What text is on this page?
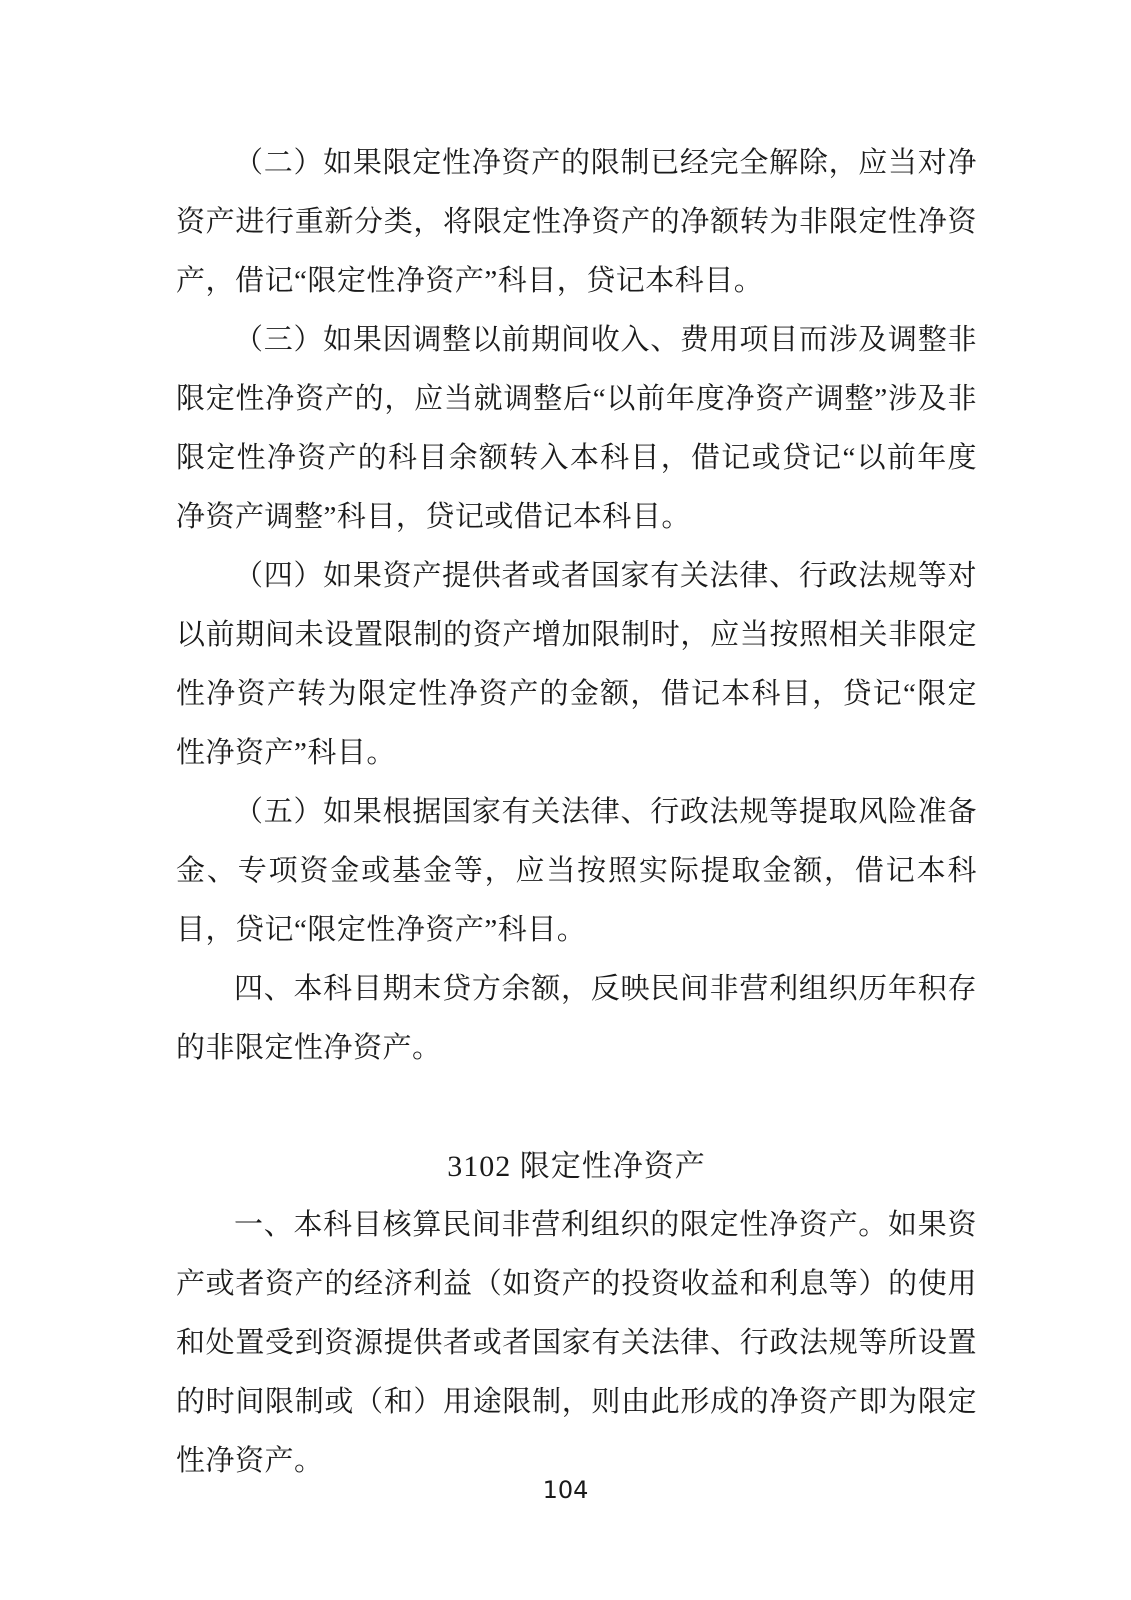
（二）如果限定性净资产的限制已经完全解除，应当对净资产进行重新分类，将限定性净资产的净额转为非限定性净资产，借记“限定性净资产”科目，贷记本科目。

（三）如果因调整以前期间收入、费用项目而涉及调整非限定性净资产的，应当就调整后“以前年度净资产调整”涉及非限定性净资产的科目余额转入本科目，借记或贷记“以前年度净资产调整”科目，贷记或借记本科目。

（四）如果资产提供者或者国家有关法律、行政法规等对以前期间未设置限制的资产增加限制时，应当按照相关非限定性净资产转为限定性净资产的金额，借记本科目，贷记“限定性净资产”科目。

（五）如果根据国家有关法律、行政法规等提取风险准备金、专项资金或基金等，应当按照实际提取金额，借记本科目，贷记“限定性净资产”科目。

四、本科目期末贷方余额，反映民间非营利组织历年积存的非限定性净资产。

3102 限定性净资产

一、本科目核算民间非营利组织的限定性净资产。如果资产或者资产的经济利益（如资产的投资收益和利息等）的使用和处置受到资源提供者或者国家有关法律、行政法规等所设置的时间限制或（和）用途限制，则由此形成的净资产即为限定性净资产。

104
